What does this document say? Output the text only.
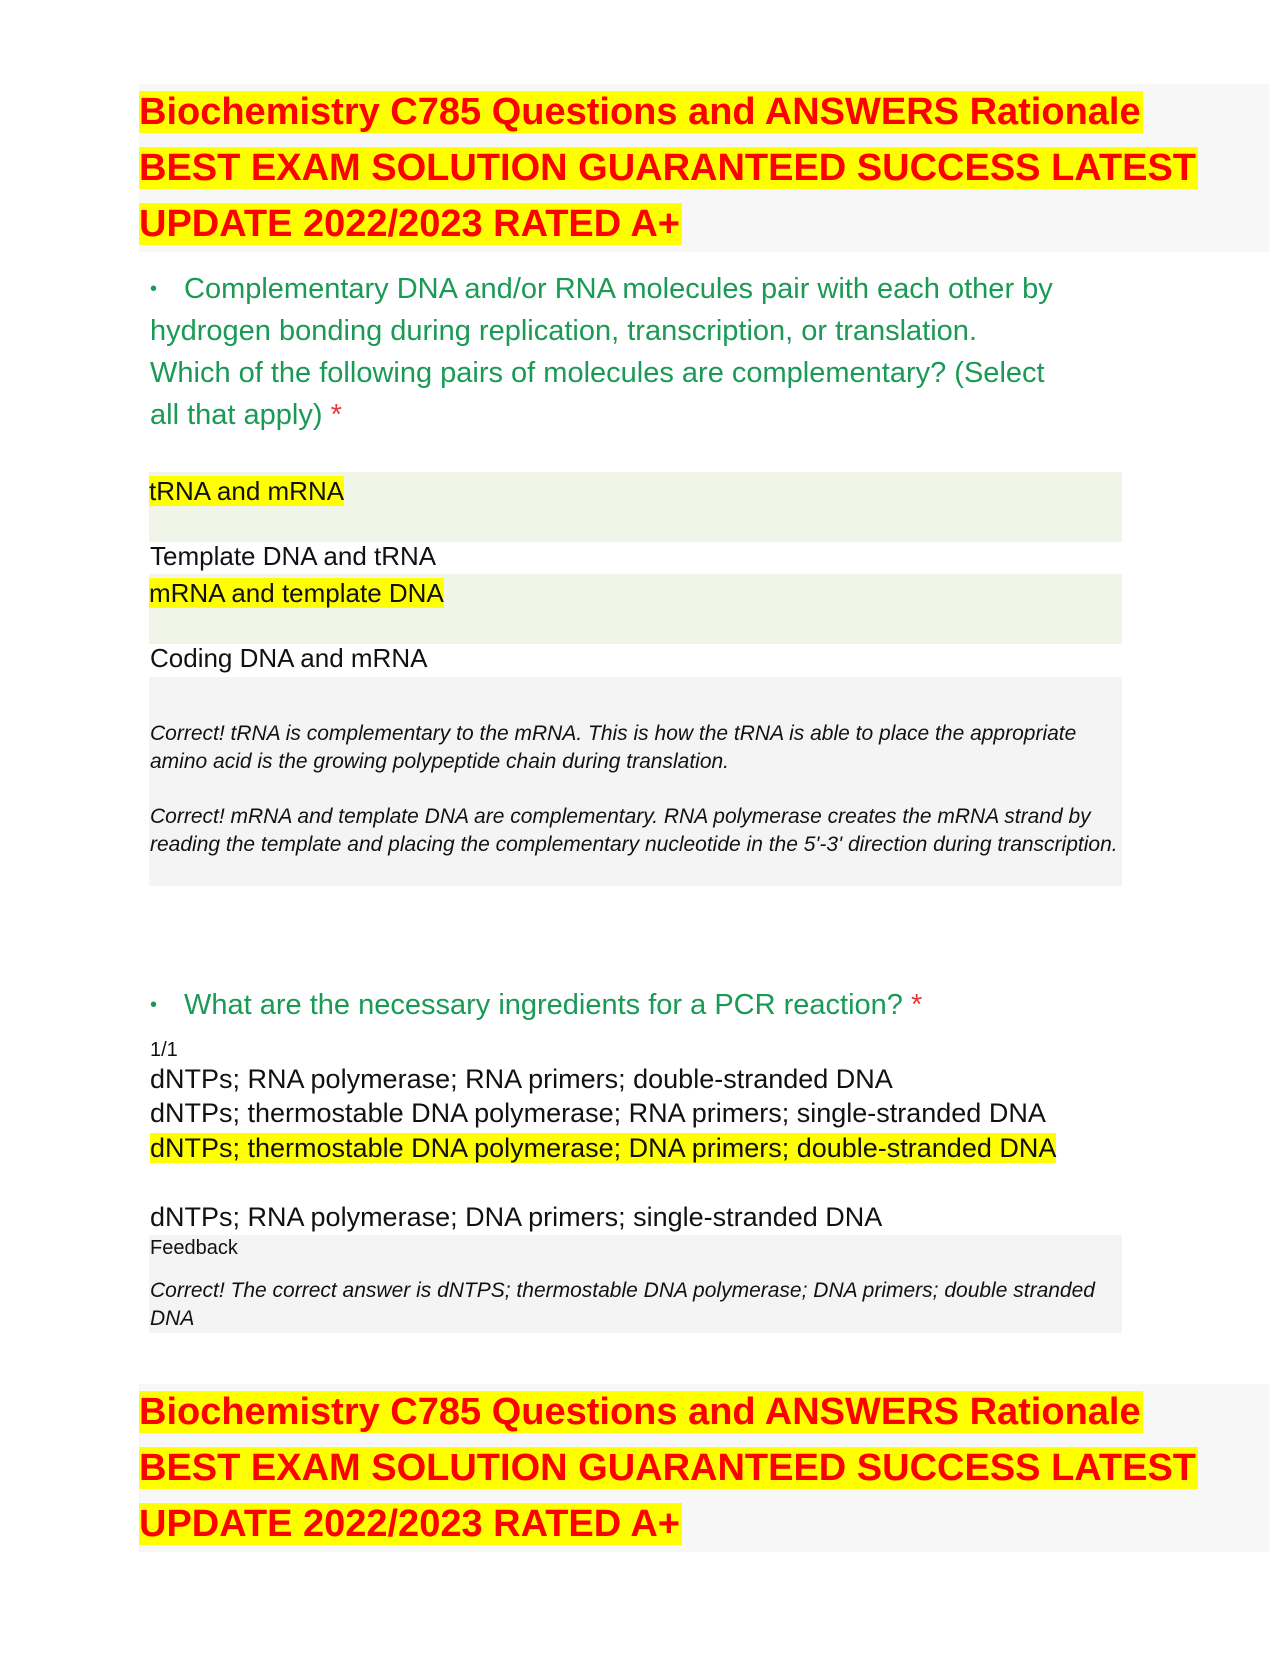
Biochemistry C785 Questions and ANSWERS Rationale
BEST EXAM SOLUTION GUARANTEED SUCCESS LATEST
UPDATE 2022/2023 RATED A+
• Complementary DNA and/or RNA molecules pair with each other by
hydrogen bonding during replication, transcription, or translation.
Which of the following pairs of molecules are complementary? (Select
all that apply) *
tRNA and mRNA
Template DNA and tRNA
mRNA and template DNA
Coding DNA and mRNA

Correct! tRNA is complementary to the mRNA. This is how the tRNA is able to place the appropriate amino acid is the growing polypeptide chain during translation.

Correct! mRNA and template DNA are complementary. RNA polymerase creates the mRNA strand by reading the template and placing the complementary nucleotide in the 5'-3' direction during transcription.

• What are the necessary ingredients for a PCR reaction? *
1/1
dNTPs; RNA polymerase; RNA primers; double-stranded DNA
dNTPs; thermostable DNA polymerase; RNA primers; single-stranded DNA
dNTPs; thermostable DNA polymerase; DNA primers; double-stranded DNA
dNTPs; RNA polymerase; DNA primers; single-stranded DNA
Feedback

Correct! The correct answer is dNTPS; thermostable DNA polymerase; DNA primers; double stranded DNA

Biochemistry C785 Questions and ANSWERS Rationale
BEST EXAM SOLUTION GUARANTEED SUCCESS LATEST
UPDATE 2022/2023 RATED A+
